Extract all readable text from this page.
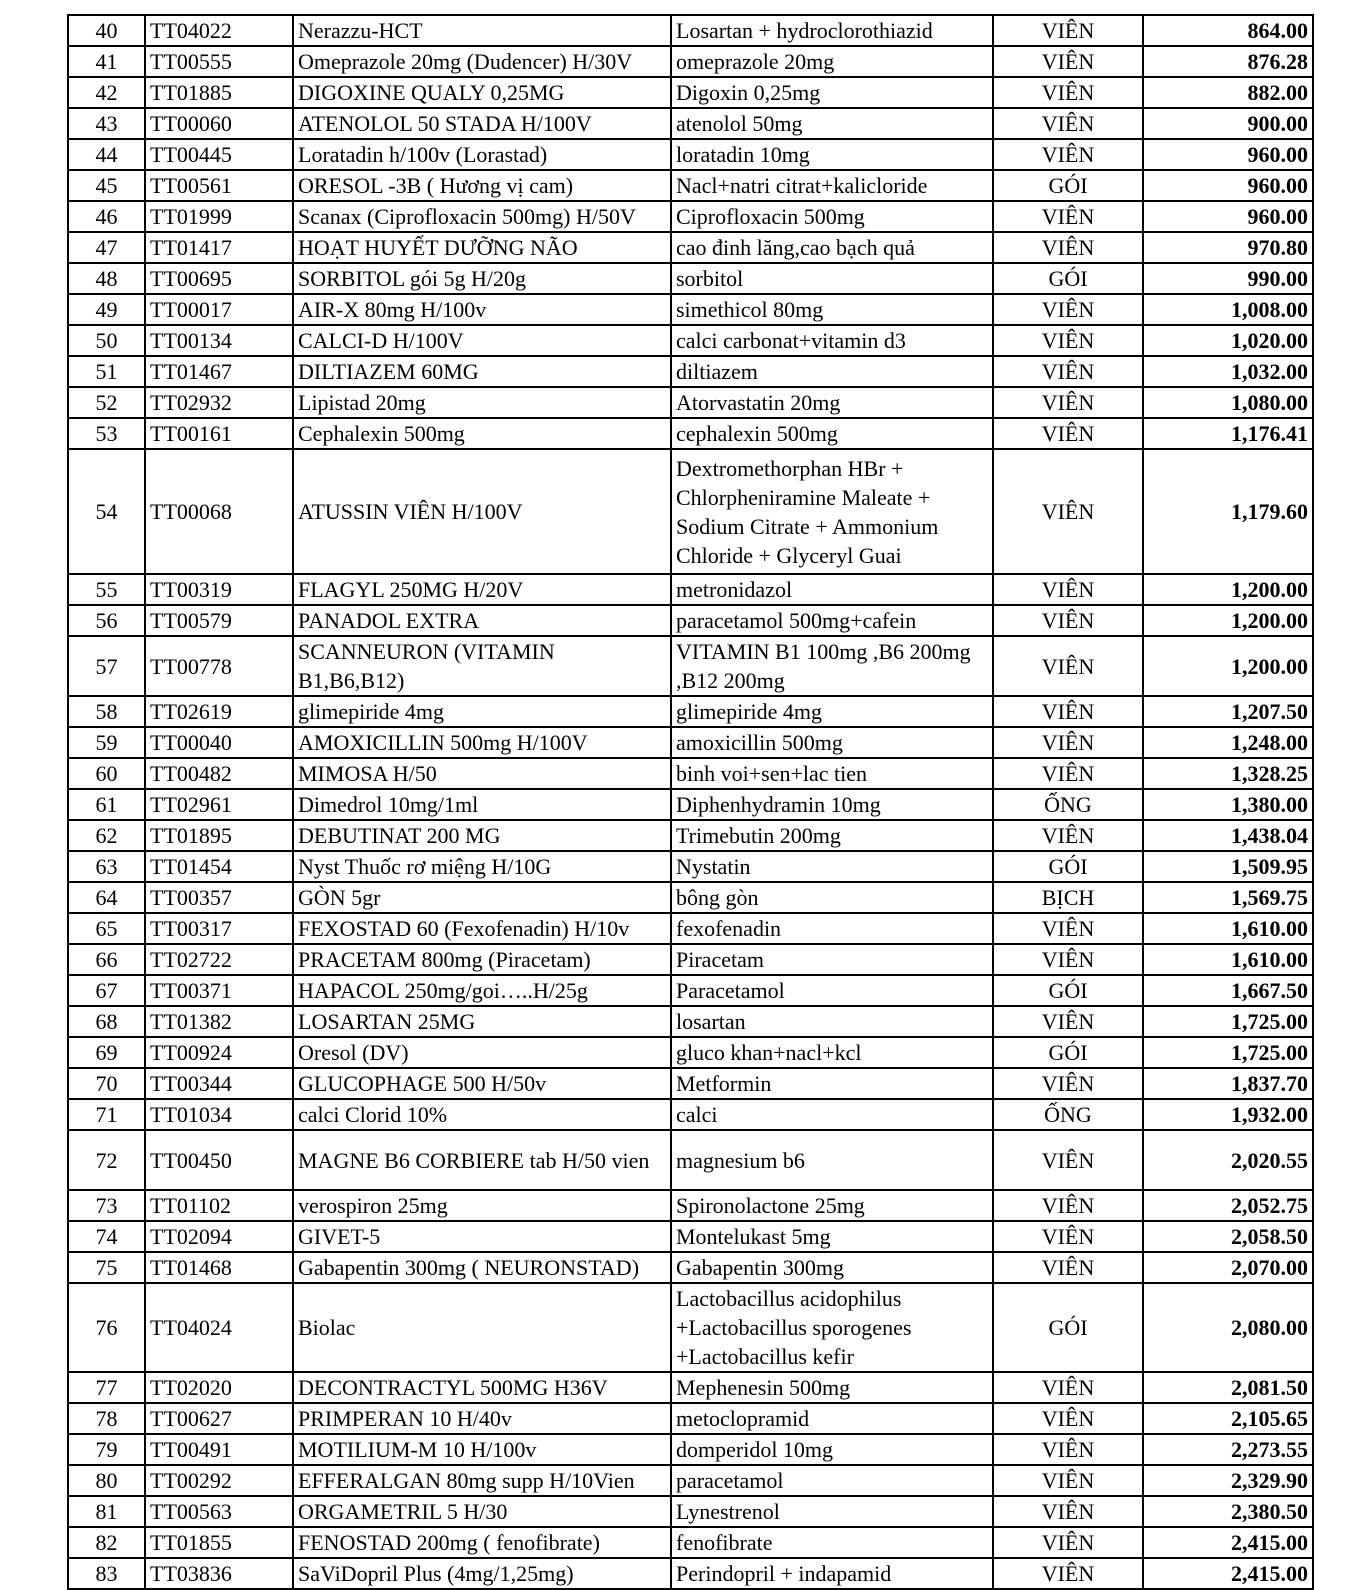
40	TT04022	Nerazzu-HCT	Losartan + hydroclorothiazid	VIÊN	864.00
41	TT00555	Omeprazole 20mg (Dudencer) H/30V	omeprazole 20mg	VIÊN	876.28
42	TT01885	DIGOXINE QUALY 0,25MG	Digoxin 0,25mg	VIÊN	882.00
43	TT00060	ATENOLOL 50 STADA H/100V	atenolol 50mg	VIÊN	900.00
44	TT00445	Loratadin h/100v (Lorastad)	loratadin 10mg	VIÊN	960.00
45	TT00561	ORESOL -3B ( Hương vị cam)	Nacl+natri citrat+kalicloride	GÓI	960.00
46	TT01999	Scanax (Ciprofloxacin 500mg) H/50V	Ciprofloxacin 500mg	VIÊN	960.00
47	TT01417	HOẠT HUYẾT DƯỠNG NÃO	cao đinh lăng,cao bạch quả	VIÊN	970.80
48	TT00695	SORBITOL gói 5g H/20g	sorbitol	GÓI	990.00
49	TT00017	AIR-X 80mg H/100v	simethicol 80mg	VIÊN	1,008.00
50	TT00134	CALCI-D H/100V	calci carbonat+vitamin d3	VIÊN	1,020.00
51	TT01467	DILTIAZEM 60MG	diltiazem	VIÊN	1,032.00
52	TT02932	Lipistad 20mg	Atorvastatin 20mg	VIÊN	1,080.00
53	TT00161	Cephalexin 500mg	cephalexin 500mg	VIÊN	1,176.41
54	TT00068	ATUSSIN VIÊN H/100V	Dextromethorphan HBr + Chlorpheniramine Maleate + Sodium Citrate + Ammonium Chloride + Glyceryl Guai	VIÊN	1,179.60
55	TT00319	FLAGYL 250MG H/20V	metronidazol	VIÊN	1,200.00
56	TT00579	PANADOL EXTRA	paracetamol 500mg+cafein	VIÊN	1,200.00
57	TT00778	SCANNEURON (VITAMIN B1,B6,B12)	VITAMIN B1 100mg ,B6 200mg ,B12 200mg	VIÊN	1,200.00
58	TT02619	glimepiride 4mg	glimepiride 4mg	VIÊN	1,207.50
59	TT00040	AMOXICILLIN 500mg H/100V	amoxicillin 500mg	VIÊN	1,248.00
60	TT00482	MIMOSA H/50	binh voi+sen+lac tien	VIÊN	1,328.25
61	TT02961	Dimedrol 10mg/1ml	Diphenhydramin 10mg	ỐNG	1,380.00
62	TT01895	DEBUTINAT 200 MG	Trimebutin 200mg	VIÊN	1,438.04
63	TT01454	Nyst Thuốc rơ miệng H/10G	Nystatin	GÓI	1,509.95
64	TT00357	GÒN 5gr	bông gòn	BỊCH	1,569.75
65	TT00317	FEXOSTAD 60 (Fexofenadin) H/10v	fexofenadin	VIÊN	1,610.00
66	TT02722	PRACETAM 800mg (Piracetam)	Piracetam	VIÊN	1,610.00
67	TT00371	HAPACOL 250mg/goi…..H/25g	Paracetamol	GÓI	1,667.50
68	TT01382	LOSARTAN 25MG	losartan	VIÊN	1,725.00
69	TT00924	Oresol (DV)	gluco khan+nacl+kcl	GÓI	1,725.00
70	TT00344	GLUCOPHAGE 500 H/50v	Metformin	VIÊN	1,837.70
71	TT01034	calci Clorid 10%	calci	ỐNG	1,932.00
72	TT00450	MAGNE B6 CORBIERE tab H/50 vien	magnesium b6	VIÊN	2,020.55
73	TT01102	verospiron 25mg	Spironolactone 25mg	VIÊN	2,052.75
74	TT02094	GIVET-5	Montelukast 5mg	VIÊN	2,058.50
75	TT01468	Gabapentin 300mg ( NEURONSTAD)	Gabapentin 300mg	VIÊN	2,070.00
76	TT04024	Biolac	Lactobacillus acidophilus +Lactobacillus sporogenes +Lactobacillus kefir	GÓI	2,080.00
77	TT02020	DECONTRACTYL 500MG H36V	Mephenesin 500mg	VIÊN	2,081.50
78	TT00627	PRIMPERAN 10 H/40v	metoclopramid	VIÊN	2,105.65
79	TT00491	MOTILIUM-M 10 H/100v	domperidol 10mg	VIÊN	2,273.55
80	TT00292	EFFERALGAN 80mg supp H/10Vien	paracetamol	VIÊN	2,329.90
81	TT00563	ORGAMETRIL 5 H/30	Lynestrenol	VIÊN	2,380.50
82	TT01855	FENOSTAD 200mg ( fenofibrate)	fenofibrate	VIÊN	2,415.00
83	TT03836	SaViDopril Plus (4mg/1,25mg)	Perindopril + indapamid	VIÊN	2,415.00
